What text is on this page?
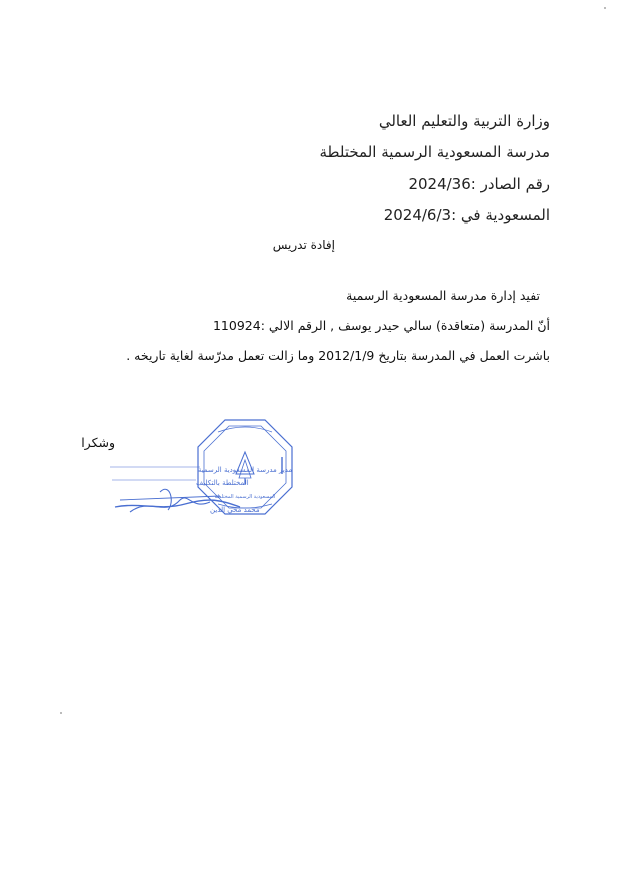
وزارة التربية والتعليم العالي
مدرسة المسعودية الرسمية المختلطة
رقم الصادر :2024/36
المسعودية في :2024/6/3
إفادة تدريس
تفيد إدارة مدرسة المسعودية الرسمية
أنّ المدرسة (متعاقدة) سالي حيدر يوسف , الرقم الالي :110924
باشرت العمل في المدرسة بتاريخ 2012/1/9 وما زالت تعمل مدرّسة لغاية تاريخه .
وشكرا
مدير مدرسة المسعودية الرسمية
المختلطة بالتكليف
محمد محي الدين
المسعودية الرسمية المختلطة
